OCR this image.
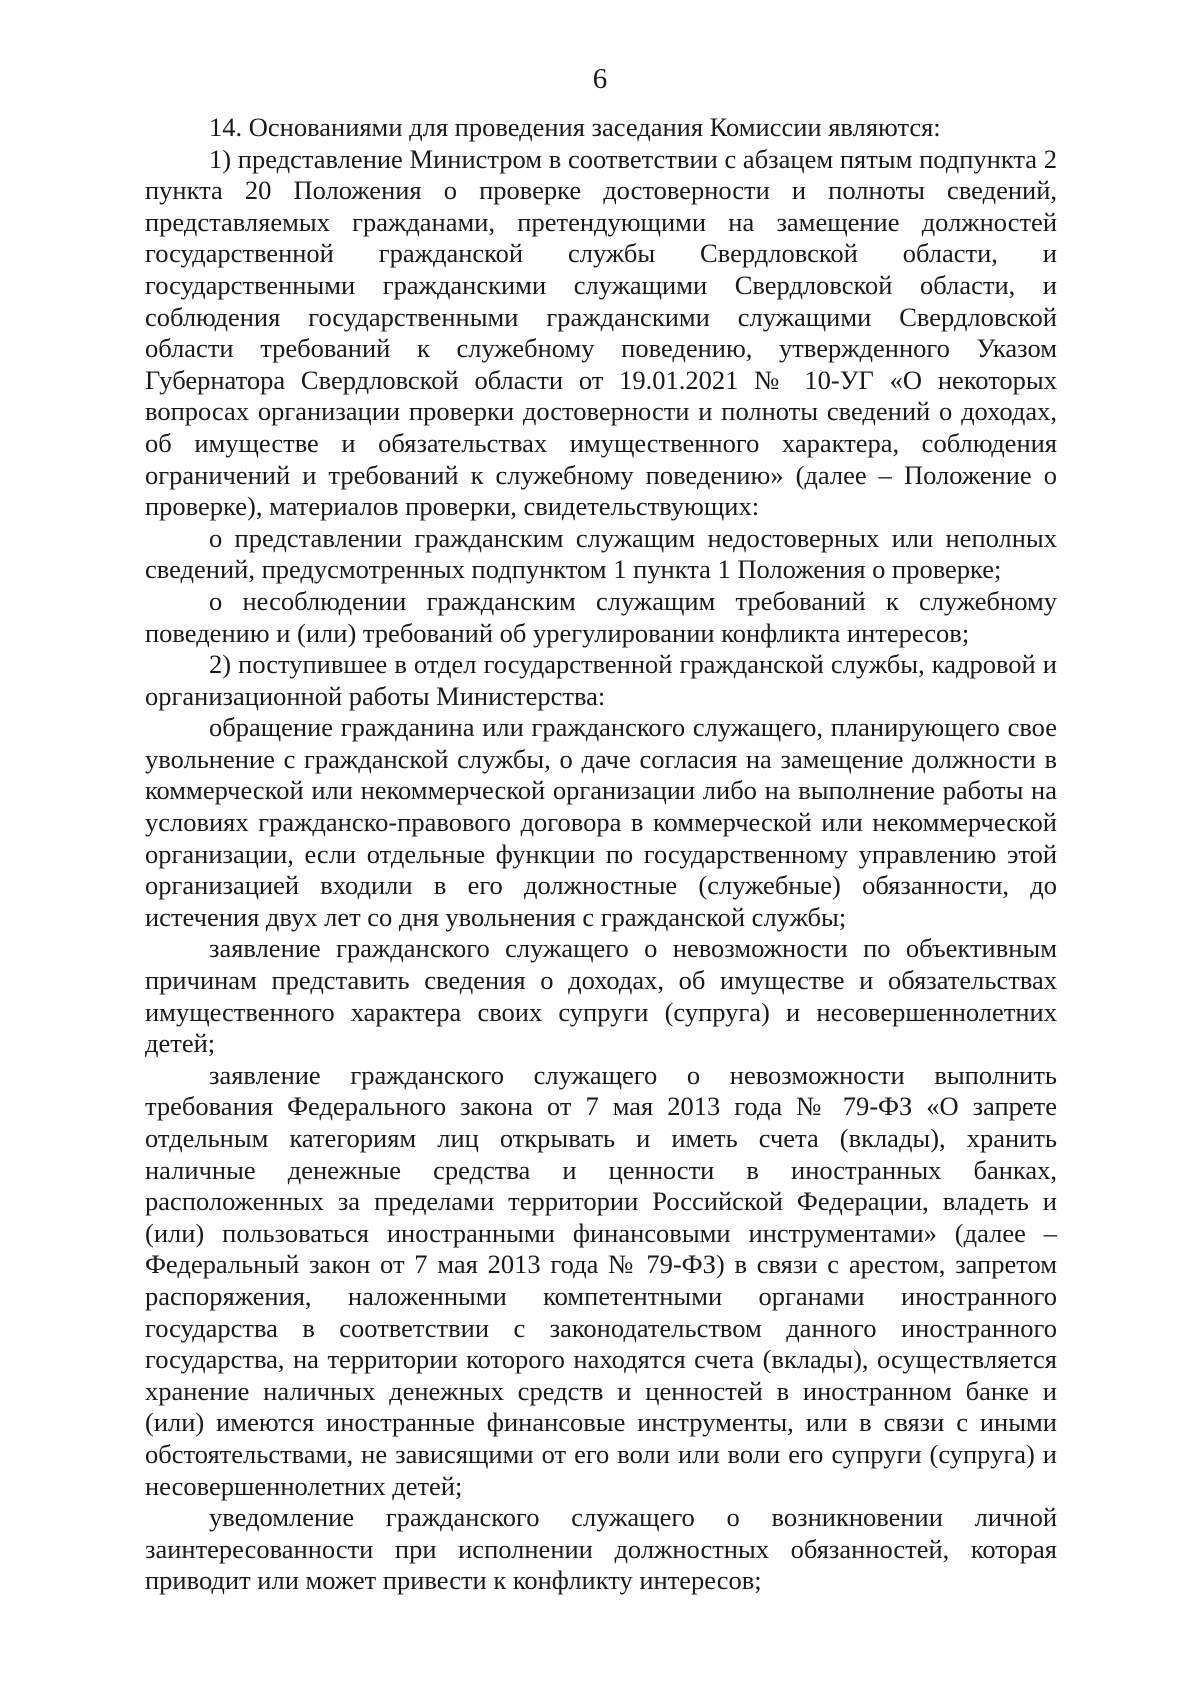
6

14. Основаниями для проведения заседания Комиссии являются:

1) представление Министром в соответствии с абзацем пятым подпункта 2 пункта 20 Положения о проверке достоверности и полноты сведений, представляемых гражданами, претендующими на замещение должностей государственной гражданской службы Свердловской области, и государственными гражданскими служащими Свердловской области, и соблюдения государственными гражданскими служащими Свердловской области требований к служебному поведению, утвержденного Указом Губернатора Свердловской области от 19.01.2021 № 10-УГ «О некоторых вопросах организации проверки достоверности и полноты сведений о доходах, об имуществе и обязательствах имущественного характера, соблюдения ограничений и требований к служебному поведению» (далее – Положение о проверке), материалов проверки, свидетельствующих:

о представлении гражданским служащим недостоверных или неполных сведений, предусмотренных подпунктом 1 пункта 1 Положения о проверке;

о несоблюдении гражданским служащим требований к служебному поведению и (или) требований об урегулировании конфликта интересов;

2) поступившее в отдел государственной гражданской службы, кадровой и организационной работы Министерства:

обращение гражданина или гражданского служащего, планирующего свое увольнение с гражданской службы, о даче согласия на замещение должности в коммерческой или некоммерческой организации либо на выполнение работы на условиях гражданско-правового договора в коммерческой или некоммерческой организации, если отдельные функции по государственному управлению этой организацией входили в его должностные (служебные) обязанности, до истечения двух лет со дня увольнения с гражданской службы;

заявление гражданского служащего о невозможности по объективным причинам представить сведения о доходах, об имуществе и обязательствах имущественного характера своих супруги (супруга) и несовершеннолетних детей;

заявление гражданского служащего о невозможности выполнить требования Федерального закона от 7 мая 2013 года № 79-ФЗ «О запрете отдельным категориям лиц открывать и иметь счета (вклады), хранить наличные денежные средства и ценности в иностранных банках, расположенных за пределами территории Российской Федерации, владеть и (или) пользоваться иностранными финансовыми инструментами» (далее – Федеральный закон от 7 мая 2013 года № 79-ФЗ) в связи с арестом, запретом распоряжения, наложенными компетентными органами иностранного государства в соответствии с законодательством данного иностранного государства, на территории которого находятся счета (вклады), осуществляется хранение наличных денежных средств и ценностей в иностранном банке и (или) имеются иностранные финансовые инструменты, или в связи с иными обстоятельствами, не зависящими от его воли или воли его супруги (супруга) и несовершеннолетних детей;

уведомление гражданского служащего о возникновении личной заинтересованности при исполнении должностных обязанностей, которая приводит или может привести к конфликту интересов;
